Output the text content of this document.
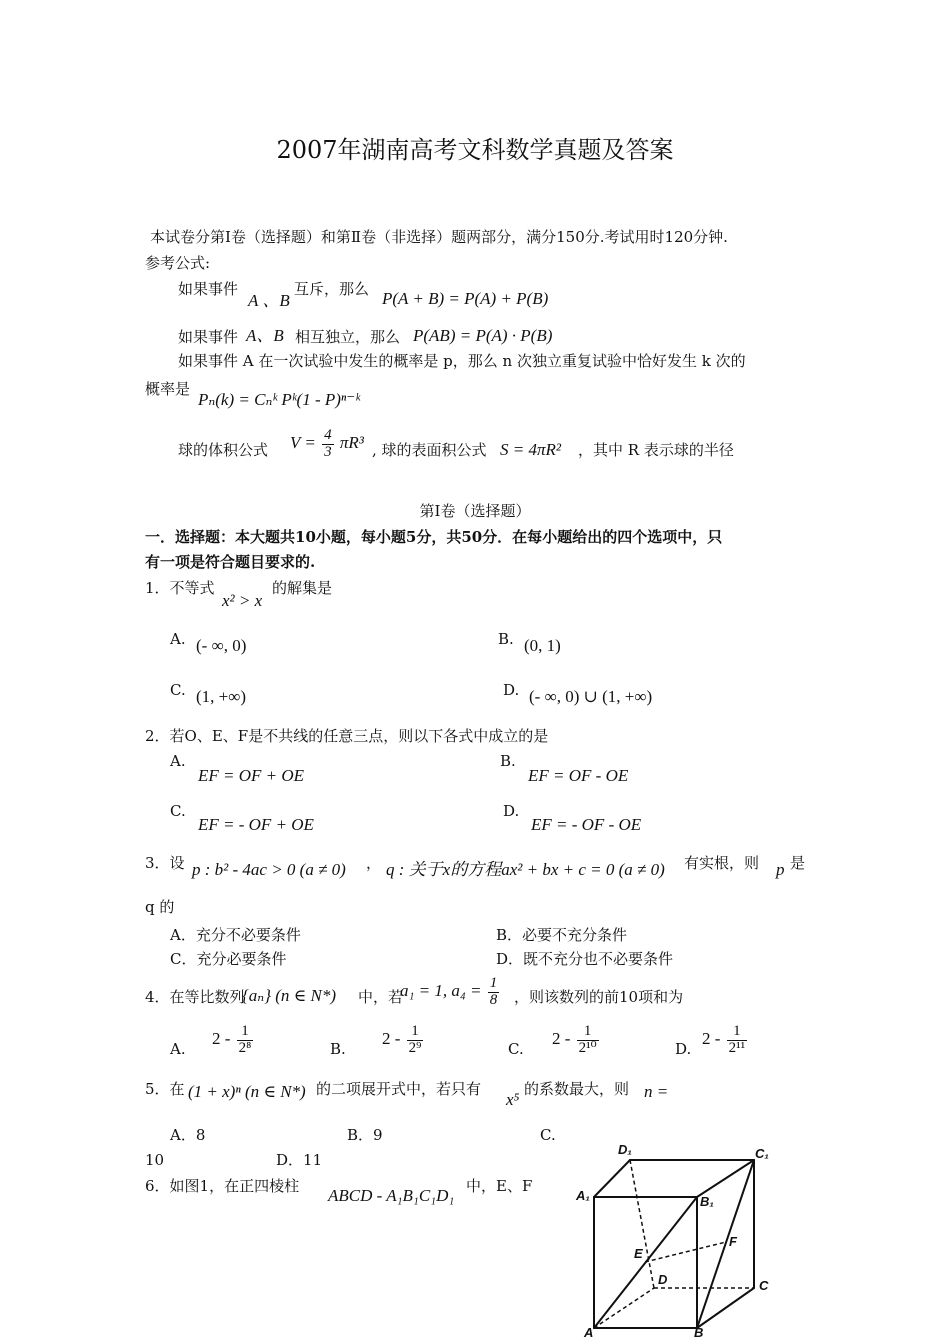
2007年湖南高考文科数学真题及答案
本试卷分第Ⅰ卷（选择题）和第Ⅱ卷（非选择）题两部分，满分150分.考试用时120分钟.
参考公式:
如果事件
A 、B
互斥，那么 P(A + B) = P(A) + P(B)
如果事件 A、B 相互独立，那么 P(AB) = P(A) · P(B)
如果事件 A 在一次试验中发生的概率是 p，那么 n 次独立重复试验中恰好发生 k 次的
概率是
Pₙ(k) = Cₙᵏ Pᵏ(1 - P)ⁿ⁻ᵏ
球的体积公式 $V = \frac{4}{3} \pi R^3$ , 球的表面积公式 S = 4πR² ，其中 R 表示球的半径
第Ⅰ卷（选择题）
一．选择题：本大题共10小题，每小题5分，共50分．在每小题给出的四个选项中，只
有一项是符合题目要求的.
1．不等式
x² > x
的解集是
A. (- ∞, 0)	B. (0, 1)
C. (1, +∞)	D. (- ∞, 0) ∪ (1, +∞)
2．若O、E、F是不共线的任意三点，则以下各式中成立的是
A.
EF = OF + OE
B.
EF = OF - OE
C.
EF = - OF + OE
D.
EF = - OF - OE
3．设 p : b² - 4ac > 0 (a ≠ 0) ， q : 关于x的方程ax² + bx + c = 0 (a ≠ 0) 有实根，则 p 是
q 的
A．充分不必要条件	B．必要不充分条件
C．充分必要条件	D．既不充分也不必要条件
4．在等比数列
{aₙ} (n ∈ N*) 中，若
a₁ = 1, $a_4 = \frac{1}{8}$ ，则该数列的前10项和为
A.
$2 - \frac{1}{\text{2⁸}}$	B.
$2 - \frac{1}{\text{2⁹}}$	C.
$2 - \frac{1}{\text{2¹⁰}}$	D.
$2 - \frac{1}{\text{2¹¹}}$
5．在 (1 + x)ⁿ (n ∈ N*) 的二项展开式中，若只有
x⁵
的系数最大，则 n =
A．8	B．9	C.
10	D．11
6．如图1，在正四棱柱 ABCD - A₁B₁C₁D₁ 中，E、F
D₁	C₁
A₁	B₁
E
F
D	C
A	B
